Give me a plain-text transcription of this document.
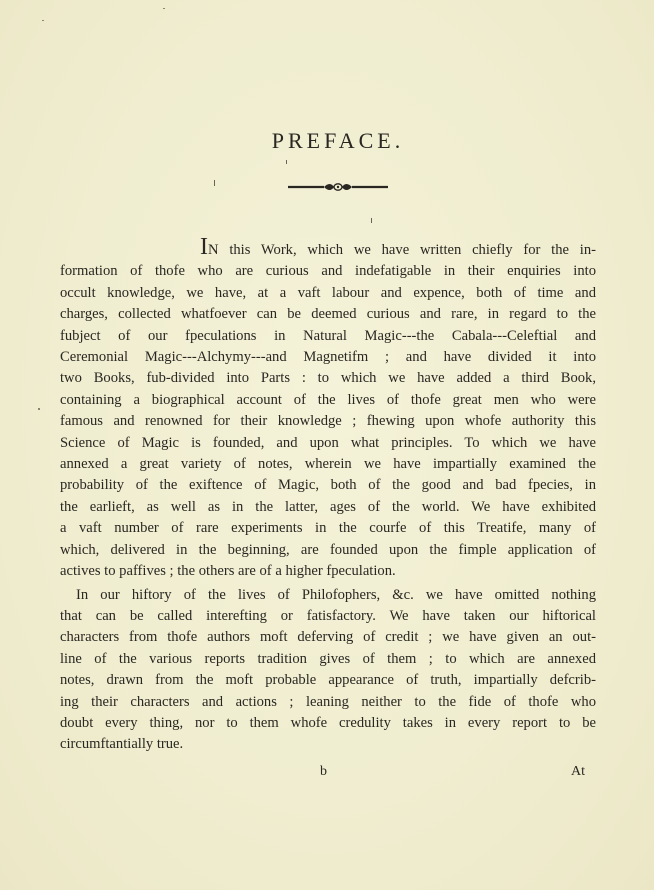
PREFACE.

IN this Work, which we have written chiefly for the in-
formation of thofe who are curious and indefatigable in their enquiries into
occult knowledge, we have, at a vaft labour and expence, both of time and
charges, collected whatfoever can be deemed curious and rare, in regard to the
fubject of our fpeculations in Natural Magic---the Cabala---Celeftial and
Ceremonial Magic---Alchymy---and Magnetifm ; and have divided it into
two Books, fub-divided into Parts : to which we have added a third Book,
containing a biographical account of the lives of thofe great men who were
famous and renowned for their knowledge ; fhewing upon whofe authority this
Science of Magic is founded, and upon what principles. To which we have
annexed a great variety of notes, wherein we have impartially examined the
probability of the exiftence of Magic, both of the good and bad fpecies, in
the earlieft, as well as in the latter, ages of the world. We have exhibited
a vaft number of rare experiments in the courfe of this Treatife, many of
which, delivered in the beginning, are founded upon the fimple application of
actives to paffives ; the others are of a higher fpeculation.

In our hiftory of the lives of Philofophers, &c. we have omitted nothing
that can be called interefting or fatisfactory. We have taken our hiftorical
characters from thofe authors moft deferving of credit ; we have given an out-
line of the various reports tradition gives of them ; to which are annexed
notes, drawn from the moft probable appearance of truth, impartially defcrib-
ing their characters and actions ; leaning neither to the fide of thofe who
doubt every thing, nor to them whofe credulity takes in every report to be
circumftantially true.

b	At
